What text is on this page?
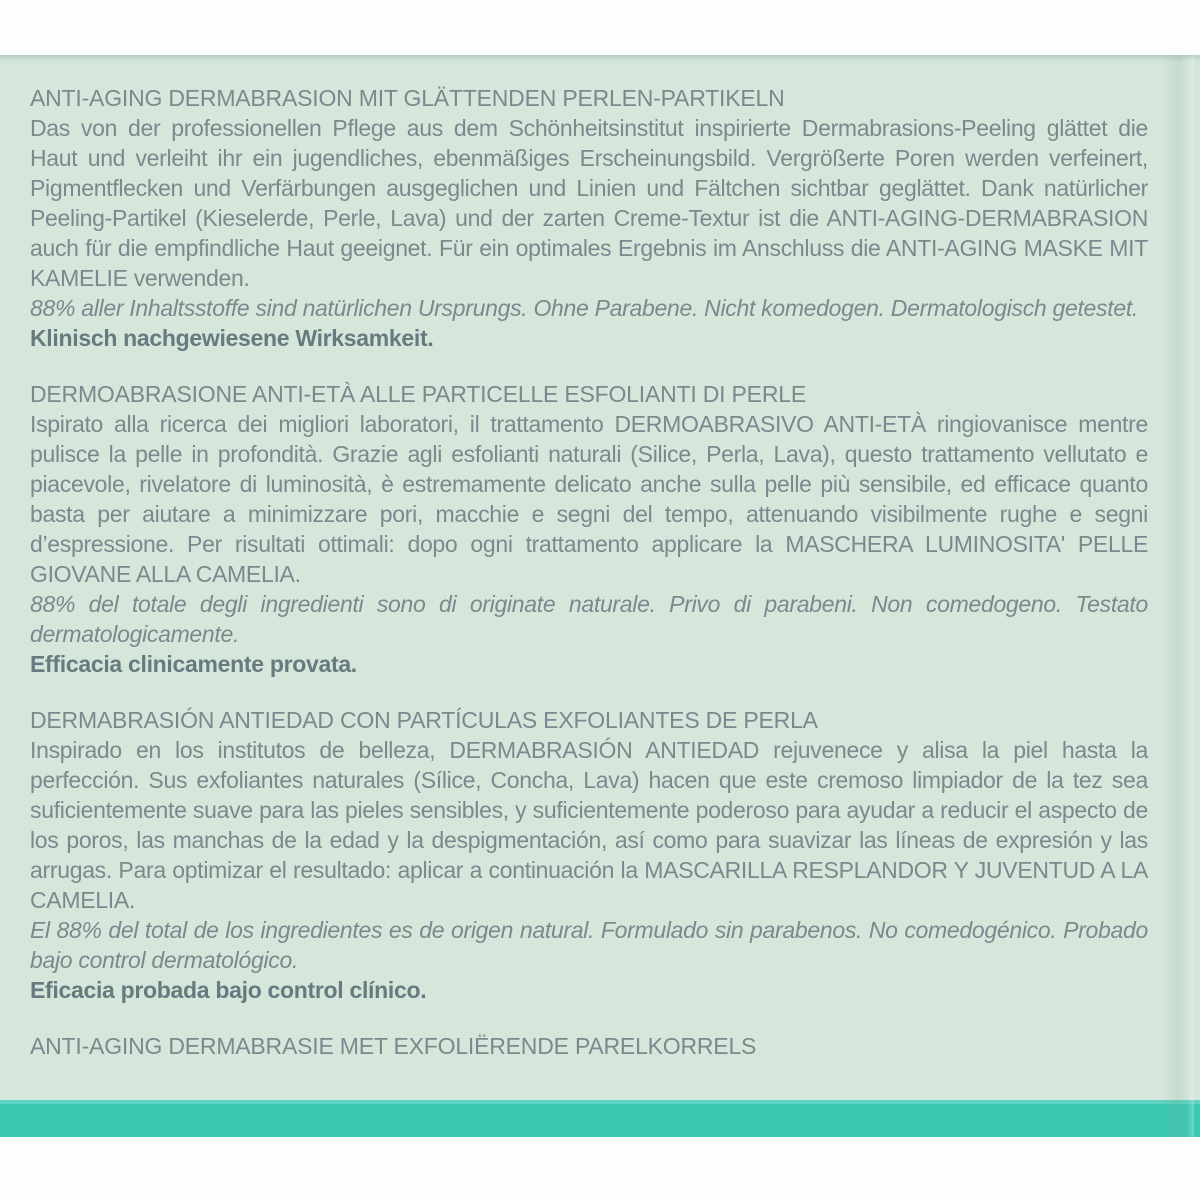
ANTI-AGING DERMABRASION MIT GLÄTTENDEN PERLEN-PARTIKELN

Das von der professionellen Pflege aus dem Schönheitsinstitut inspirierte Dermabrasions-Peeling glättet die Haut und verleiht ihr ein jugendliches, ebenmäßiges Erscheinungsbild. Vergrößerte Poren werden verfeinert, Pigmentflecken und Verfärbungen ausgeglichen und Linien und Fältchen sichtbar geglättet. Dank natürlicher Peeling-Partikel (Kieselerde, Perle, Lava) und der zarten Creme-Textur ist die ANTI-AGING-DERMABRASION auch für die empfindliche Haut geeignet. Für ein optimales Ergebnis im Anschluss die ANTI-AGING MASKE MIT KAMELIE verwenden.

88% aller Inhaltsstoffe sind natürlichen Ursprungs. Ohne Parabene. Nicht komedogen. Dermatologisch getestet.

Klinisch nachgewiesene Wirksamkeit.

DERMOABRASIONE ANTI-ETÀ ALLE PARTICELLE ESFOLIANTI DI PERLE

Ispirato alla ricerca dei migliori laboratori, il trattamento DERMOABRASIVO ANTI-ETÀ ringiovanisce mentre pulisce la pelle in profondità. Grazie agli esfolianti naturali (Silice, Perla, Lava), questo trattamento vellutato e piacevole, rivelatore di luminosità, è estremamente delicato anche sulla pelle più sensibile, ed efficace quanto basta per aiutare a minimizzare pori, macchie e segni del tempo, attenuando visibilmente rughe e segni d’espressione. Per risultati ottimali: dopo ogni trattamento applicare la MASCHERA LUMINOSITA' PELLE GIOVANE ALLA CAMELIA.

88% del totale degli ingredienti sono di originate naturale. Privo di parabeni. Non comedogeno. Testato dermatologicamente.

Efficacia clinicamente provata.

DERMABRASIÓN ANTIEDAD CON PARTÍCULAS EXFOLIANTES DE PERLA

Inspirado en los institutos de belleza, DERMABRASIÓN ANTIEDAD rejuvenece y alisa la piel hasta la perfección. Sus exfoliantes naturales (Sílice, Concha, Lava) hacen que este cremoso limpiador de la tez sea suficientemente suave para las pieles sensibles, y suficientemente poderoso para ayudar a reducir el aspecto de los poros, las manchas de la edad y la despigmentación, así como para suavizar las líneas de expresión y las arrugas. Para optimizar el resultado: aplicar a continuación la MASCARILLA RESPLANDOR Y JUVENTUD A LA CAMELIA.

El 88% del total de los ingredientes es de origen natural. Formulado sin parabenos. No comedogénico. Probado bajo control dermatológico.

Eficacia probada bajo control clínico.

ANTI-AGING DERMABRASIE MET EXFOLIËRENDE PARELKORRELS
